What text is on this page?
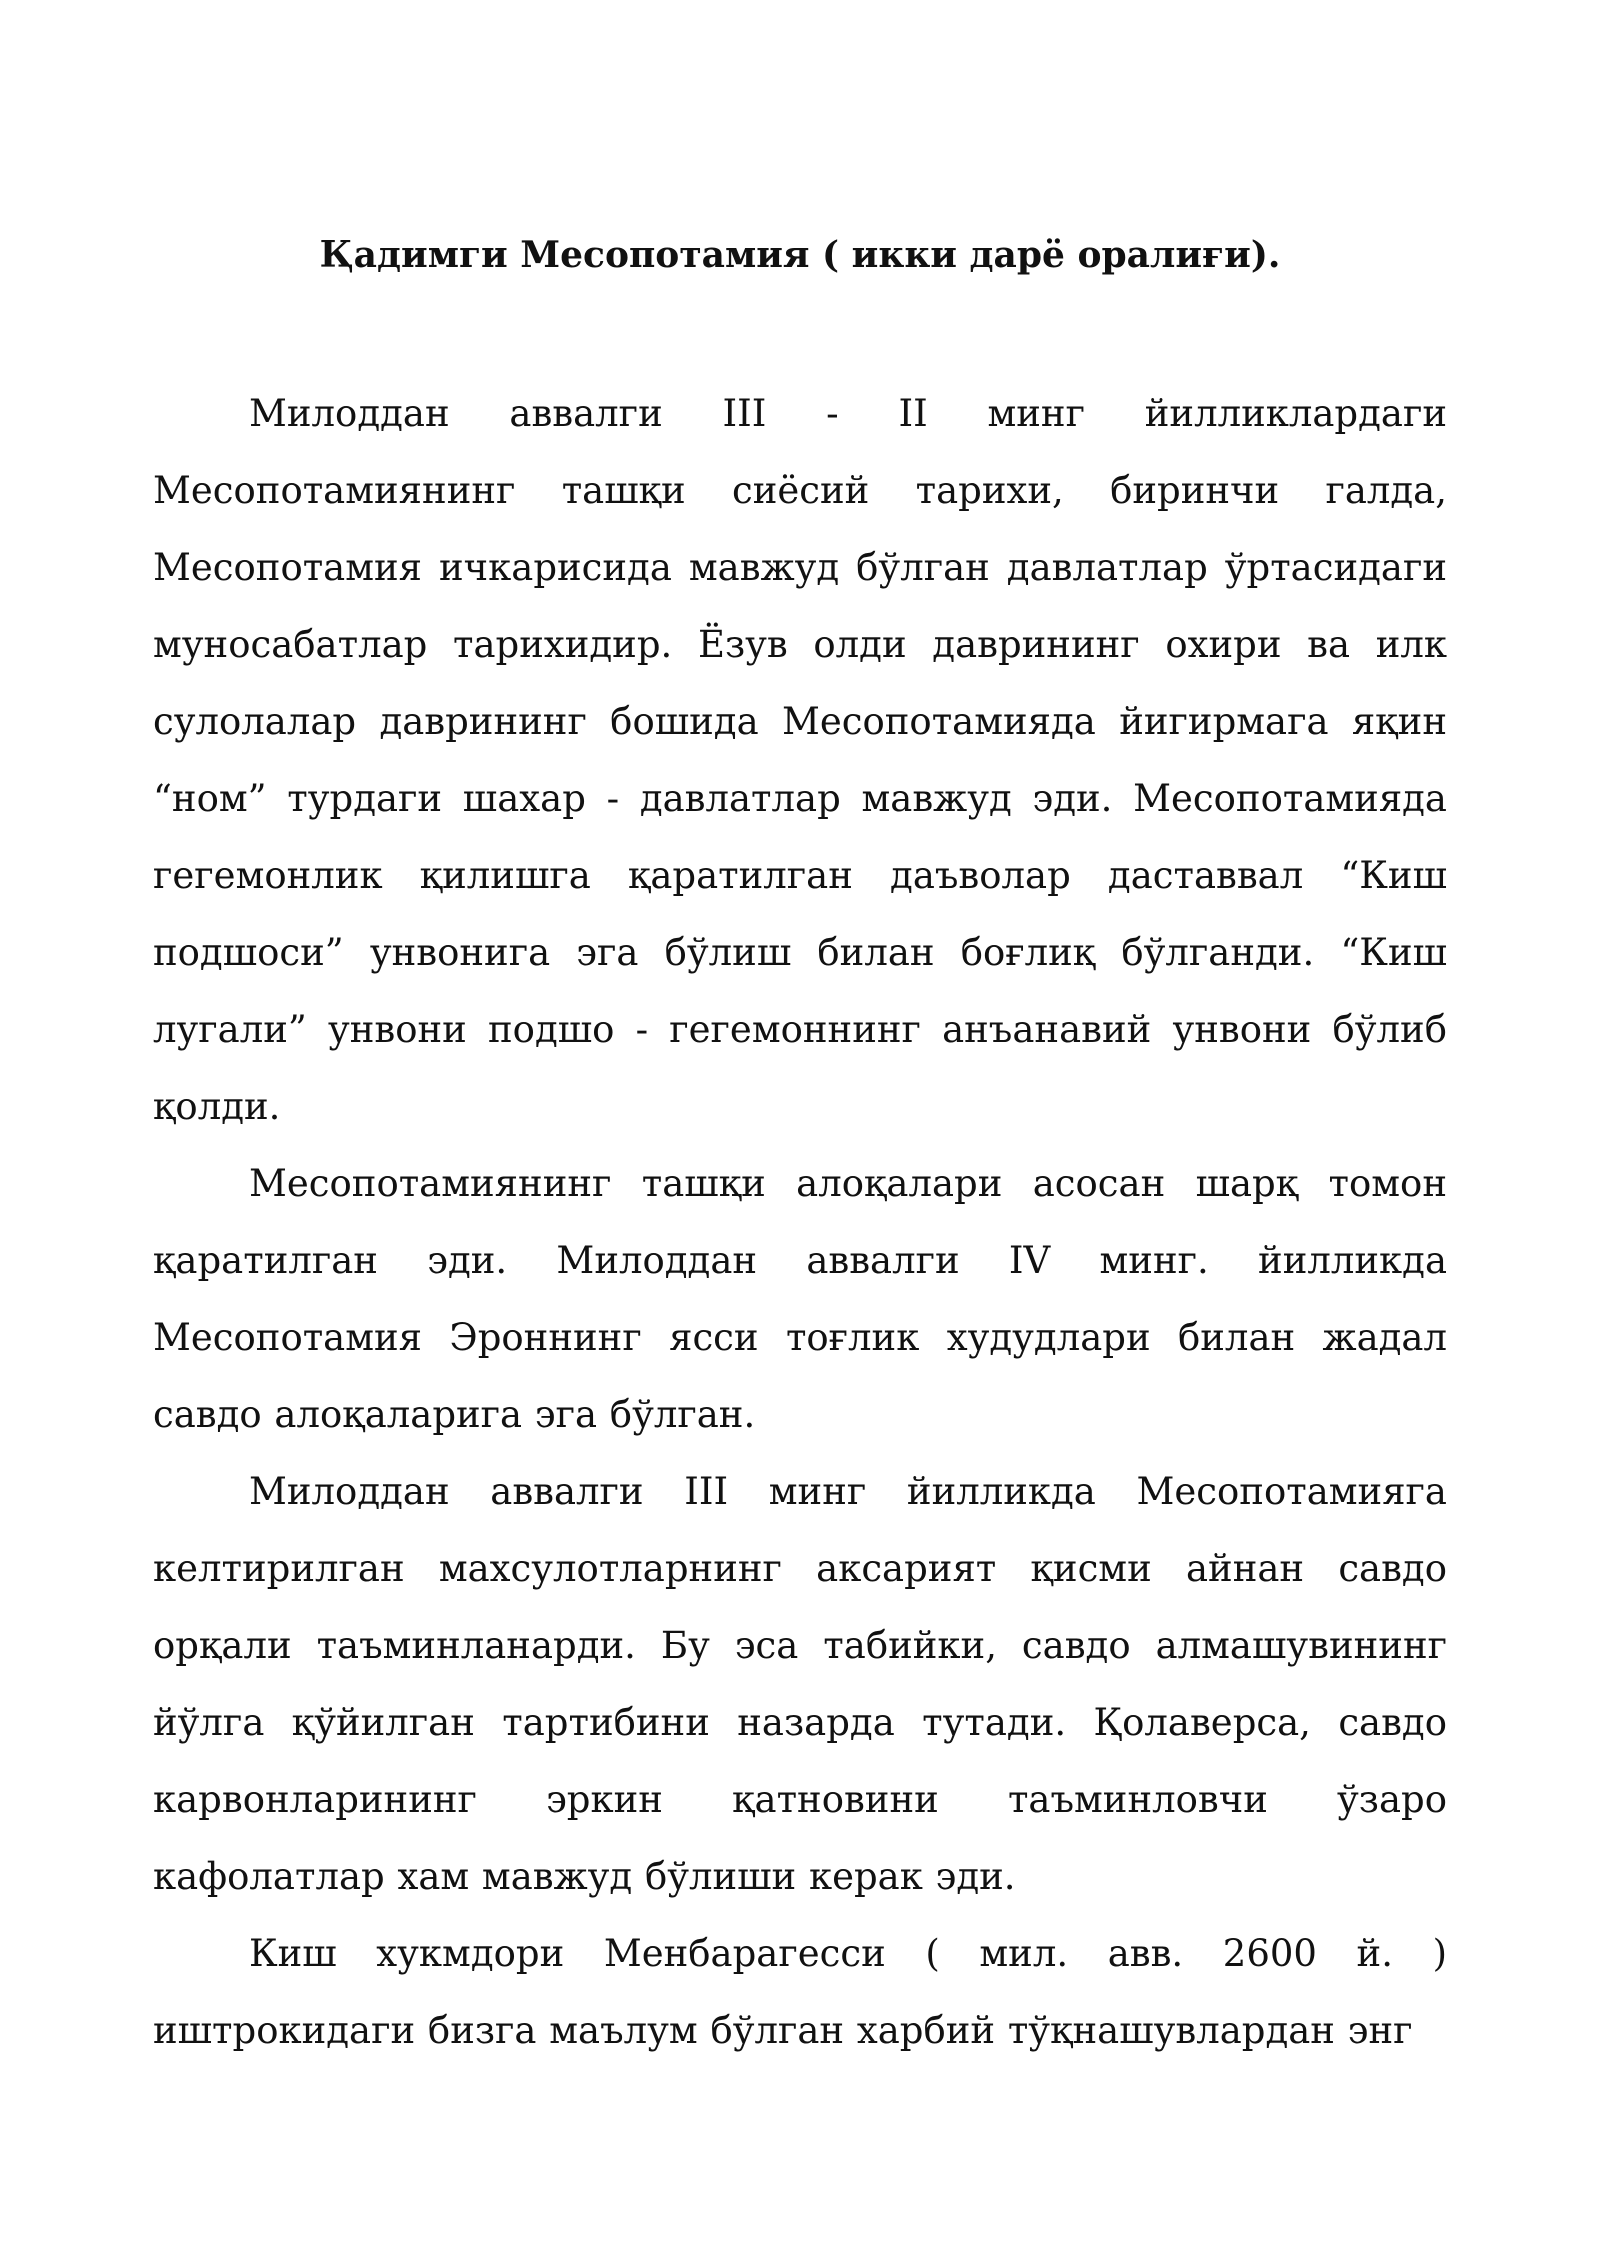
Қадимги Месопотамия ( икки дарё оралиғи).

Милоддан аввалги III - II минг йилликлардаги Месопотамиянинг ташқи сиёсий тарихи, биринчи галда, Месопотамия ичкарисида мавжуд бўлган давлатлар ўртасидаги муносабатлар тарихидир. Ёзув олди даврининг охири ва илк сулолалар даврининг бошида Месопотамияда йигирмага яқин “ном” турдаги шахар - давлатлар мавжуд эди. Месопотамияда гегемонлик қилишга қаратилган даъволар даставвал “Киш подшоси” унвонига эга бўлиш билан боғлиқ бўлганди. “Киш лугали” унвони подшо - гегемоннинг анъанавий унвони бўлиб қолди.

Месопотамиянинг ташқи алоқалари асосан шарқ томон қаратилган эди. Милоддан аввалги IV минг. йилликда Месопотамия Эроннинг ясси тоғлик худудлари билан жадал савдо алоқаларига эга бўлган.

Милоддан аввалги III минг йилликда Месопотамияга келтирилган махсулотларнинг аксарият қисми айнан савдо орқали таъминланарди. Бу эса табийки, савдо алмашувининг йўлга қўйилган тартибини назарда тутади. Қолаверса, савдо карвонларининг эркин қатновини таъминловчи ўзаро кафолатлар хам мавжуд бўлиши керак эди.

Киш хукмдори Менбарагесси ( мил. авв. 2600 й. ) иштрокидаги бизга маълум бўлган харбий тўқнашувлардан энг
